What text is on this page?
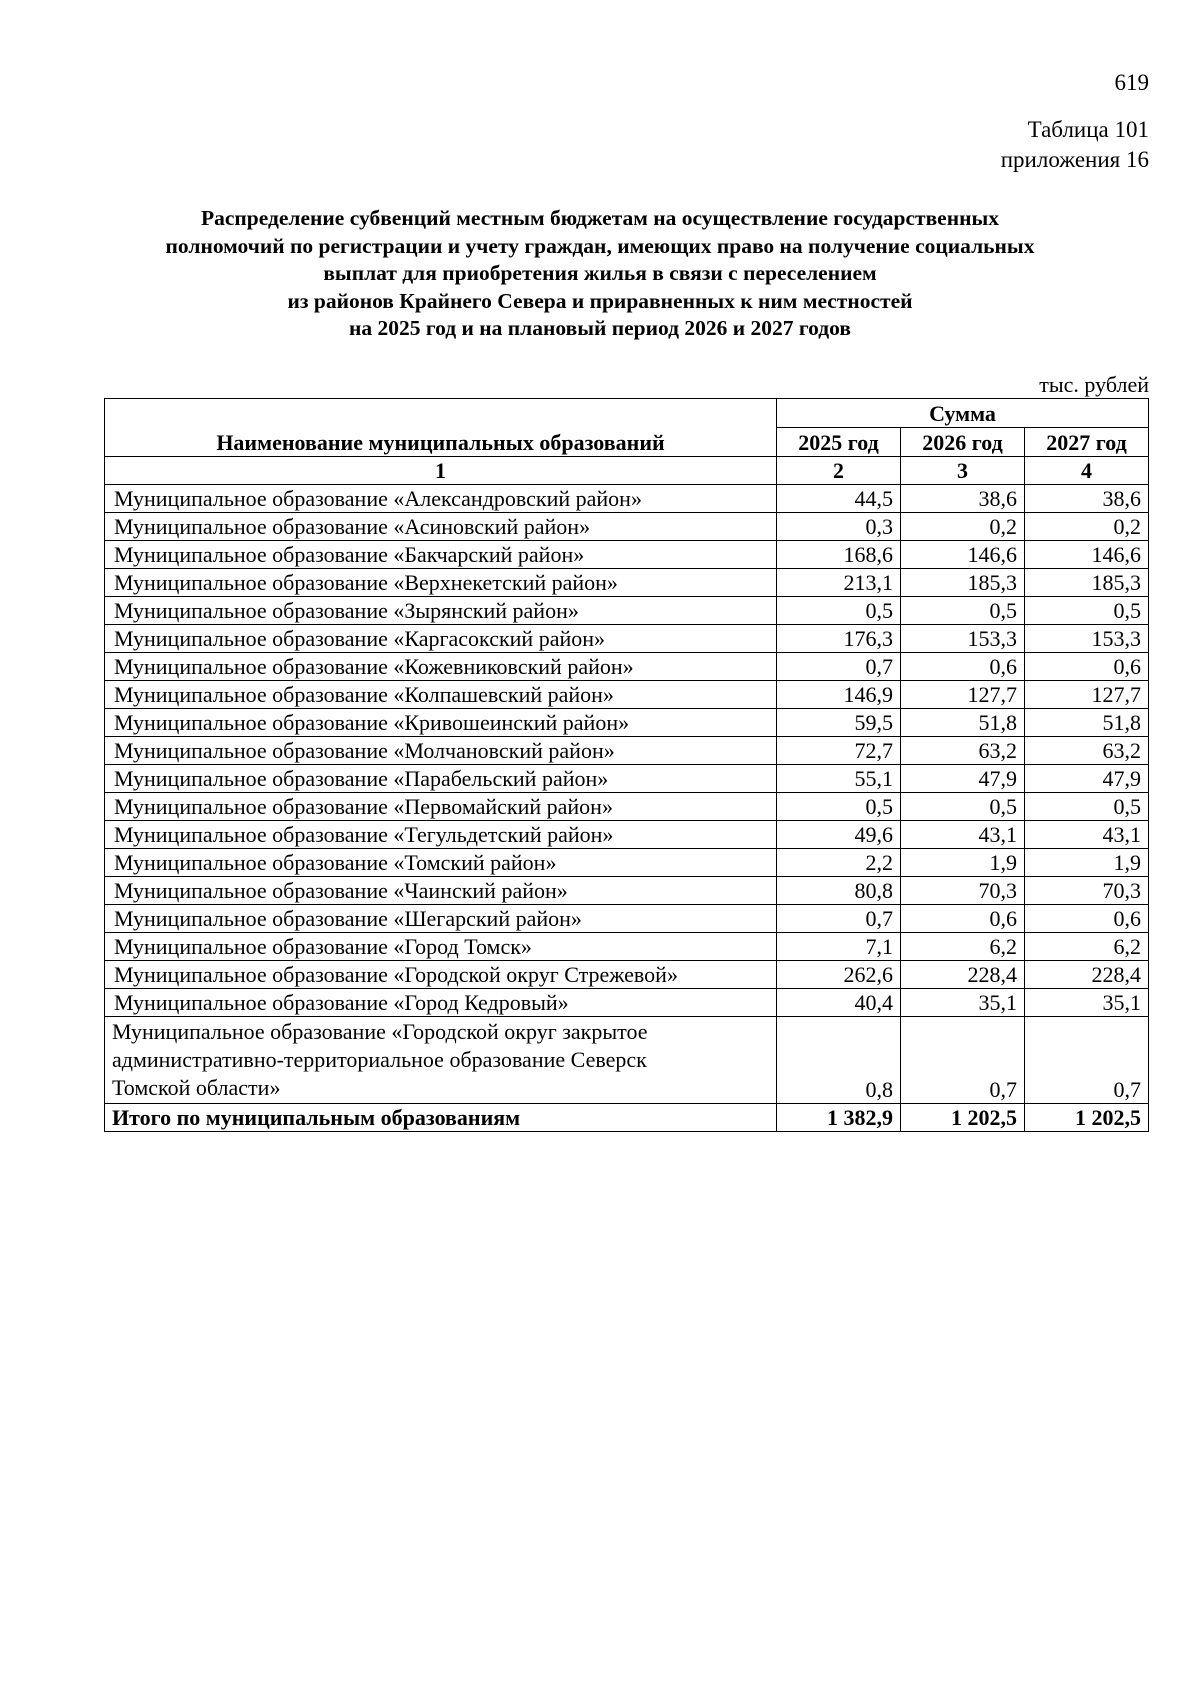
619
Таблица 101
приложения 16
Распределение субвенций местным бюджетам на осуществление государственных
полномочий по регистрации и учету граждан, имеющих право на получение социальных
выплат для приобретения жилья в связи с переселением
из районов Крайнего Севера и приравненных к ним местностей
на 2025 год и на плановый период 2026 и 2027 годов
тыс. рублей
Наименование муниципальных образований	Сумма		
	2025 год	2026 год	2027 год
1	2	3	4
Муниципальное образование «Александровский район»	44,5	38,6	38,6
Муниципальное образование «Асиновский район»	0,3	0,2	0,2
Муниципальное образование «Бакчарский район»	168,6	146,6	146,6
Муниципальное образование «Верхнекетский район»	213,1	185,3	185,3
Муниципальное образование «Зырянский район»	0,5	0,5	0,5
Муниципальное образование «Каргасокский район»	176,3	153,3	153,3
Муниципальное образование «Кожевниковский район»	0,7	0,6	0,6
Муниципальное образование «Колпашевский район»	146,9	127,7	127,7
Муниципальное образование «Кривошеинский район»	59,5	51,8	51,8
Муниципальное образование «Молчановский район»	72,7	63,2	63,2
Муниципальное образование «Парабельский район»	55,1	47,9	47,9
Муниципальное образование «Первомайский район»	0,5	0,5	0,5
Муниципальное образование «Тегульдетский район»	49,6	43,1	43,1
Муниципальное образование «Томский район»	2,2	1,9	1,9
Муниципальное образование «Чаинский район»	80,8	70,3	70,3
Муниципальное образование «Шегарский район»	0,7	0,6	0,6
Муниципальное образование «Город Томск»	7,1	6,2	6,2
Муниципальное образование «Городской округ Стрежевой»	262,6	228,4	228,4
Муниципальное образование «Город Кедровый»	40,4	35,1	35,1

Муниципальное образование «Городской округ закрытое
административно-территориальное образование Северск
Томской области»	0,8	0,7	0,7
Итого по муниципальным образованиям	1 382,9	1 202,5	1 202,5
